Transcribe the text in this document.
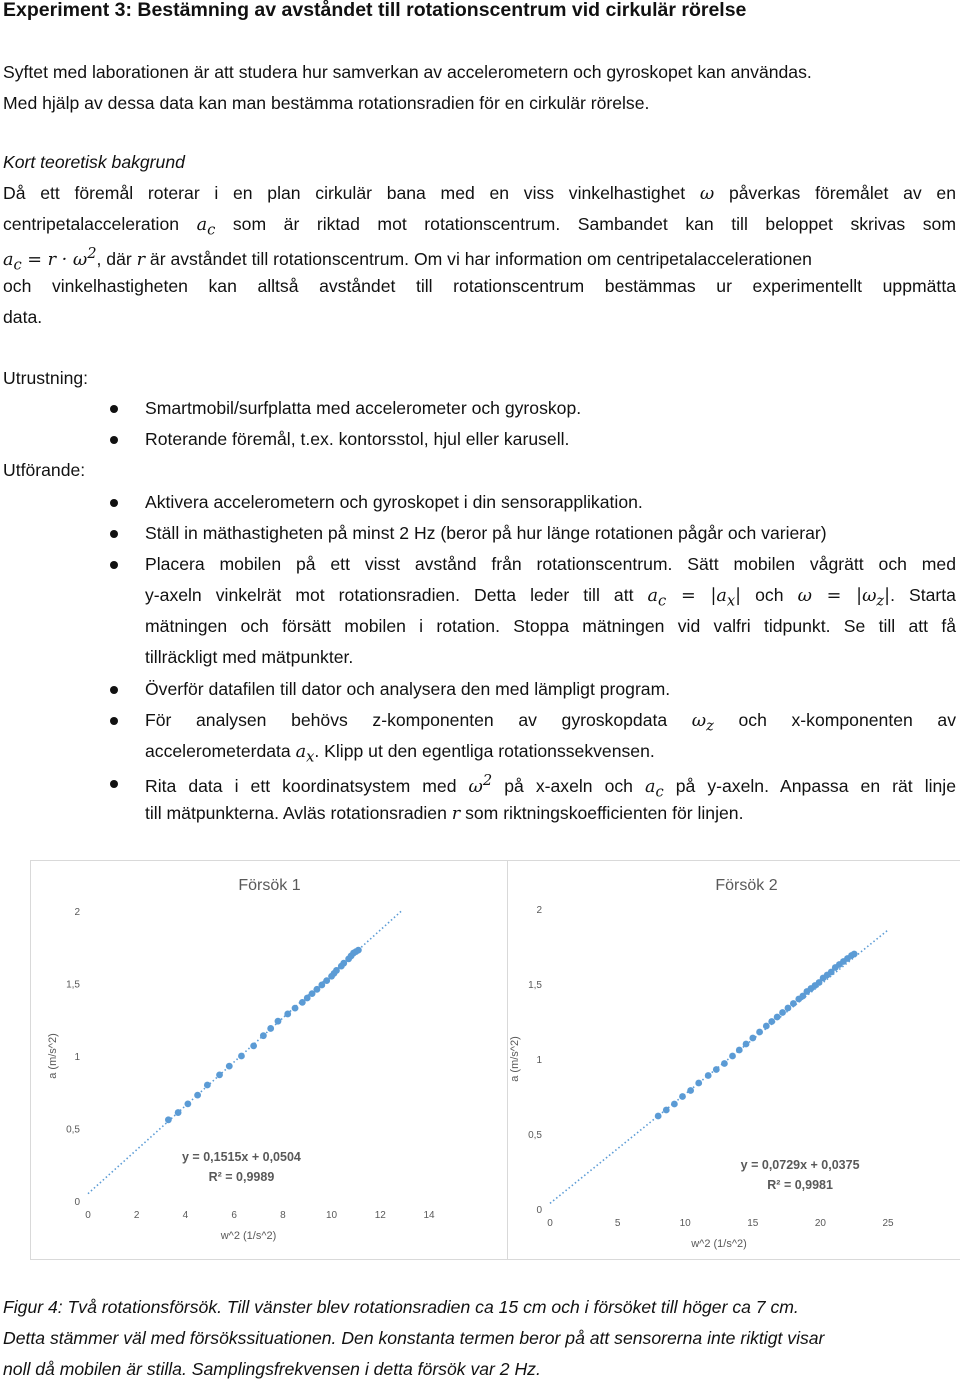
Experiment 3: Bestämning av avståndet till rotationscentrum vid cirkulär rörelse
Syftet med laborationen är att studera hur samverkan av accelerometern och gyroskopet kan användas.
Med hjälp av dessa data kan man bestämma rotationsradien för en cirkulär rörelse.
Kort teoretisk bakgrund
Då ett föremål roterar i en plan cirkulär bana med en viss vinkelhastighet ω påverkas föremålet av en
centripetalacceleration $a_c$ som är riktad mot rotationscentrum. Sambandet kan till beloppet skrivas som
$a_c = r \cdot \omega^2$, där r är avståndet till rotationscentrum. Om vi har information om centripetalaccelerationen
och vinkelhastigheten kan alltså avståndet till rotationscentrum bestämmas ur experimentellt uppmätta
data.
Utrustning:
Smartmobil/surfplatta med accelerometer och gyroskop.
Roterande föremål, t.ex. kontorsstol, hjul eller karusell.
Utförande:
Aktivera accelerometern och gyroskopet i din sensorapplikation.
Ställ in mäthastigheten på minst 2 Hz (beror på hur länge rotationen pågår och varierar)
Placera mobilen på ett visst avstånd från rotationscentrum. Sätt mobilen vågrätt och med
y-axeln vinkelrät mot rotationsradien. Detta leder till att $a_c = |a_x|$ och $\omega = |\omega_z|$. Starta
mätningen och försätt mobilen i rotation. Stoppa mätningen vid valfri tidpunkt. Se till att få
tillräckligt med mätpunkter.
Överför datafilen till dator och analysera den med lämpligt program.
För analysen behövs z-komponenten av gyroskopdata $\omega_z$ och x-komponenten av
accelerometerdata $a_x$. Klipp ut den egentliga rotationssekvensen.
Rita data i ett koordinatsystem med $\omega^2$ på x-axeln och $a_c$ på y-axeln. Anpassa en rät linje
till mätpunkterna. Avläs rotationsradien r som riktningskoefficienten för linjen.
Försök 1
0
0,5
1
1,5
2
0	2	4	6	8	10	12	14
w^2 (1/s^2)
a (m/s^2)
y = 0,1515x + 0,0504
R² = 0,9989
Försök 2
0
0,5
1
1,5
2
0	5	10	15	20	25
w^2 (1/s^2)
a (m/s^2)
y = 0,0729x + 0,0375
R² = 0,9981
Figur 4: Två rotationsförsök. Till vänster blev rotationsradien ca 15 cm och i försöket till höger ca 7 cm.
Detta stämmer väl med försökssituationen. Den konstanta termen beror på att sensorerna inte riktigt visar
noll då mobilen är stilla. Samplingsfrekvensen i detta försök var 2 Hz.
